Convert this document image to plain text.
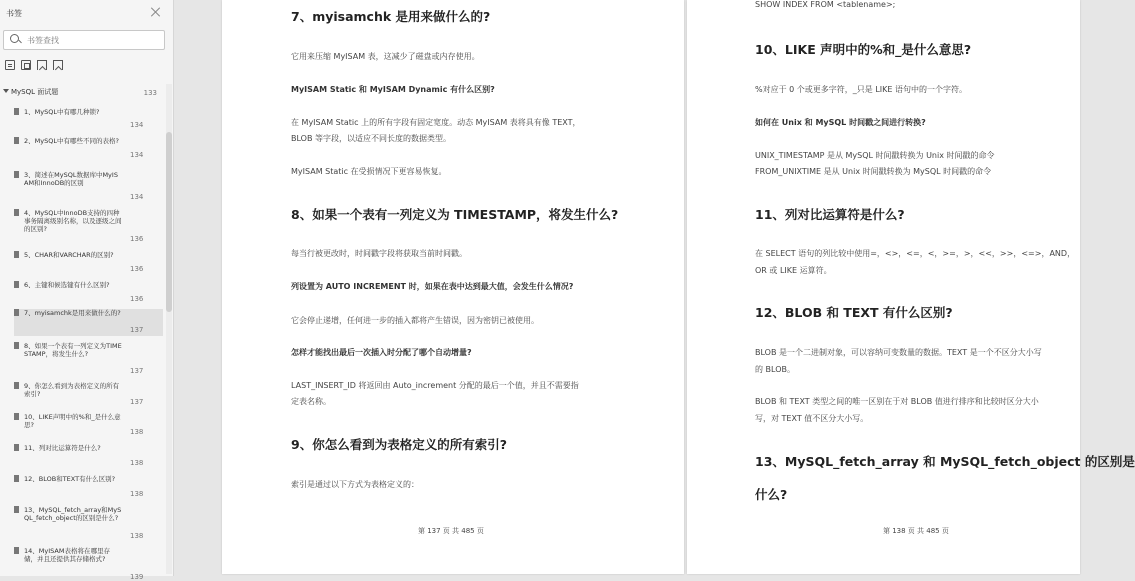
书签
书签查找
MySQL 面试题	133
1、MySQL中有哪几种锁?
134
2、MySQL中有哪些不同的表格?
134
3、简述在MySQL数据库中MyISAM和InnoDB的区别
134
4、MySQL中InnoDB支持的四种事务隔离级别名称，以及逐级之间的区别?
136
5、CHAR和VARCHAR的区别?
136
6、主键和候选键有什么区别?
136
7、myisamchk是用来做什么的?
137
8、如果一个表有一列定义为TIMESTAMP，将发生什么?
137
9、你怎么看到为表格定义的所有索引?
137
10、LIKE声明中的%和_是什么意思?
138
11、列对比运算符是什么?
138
12、BLOB和TEXT有什么区别?
138
13、MySQL_fetch_array和MySQL_fetch_object的区别是什么?
138
14、MyISAM表格将在哪里存储，并且还提供其存储格式?
139
7、myisamchk 是用来做什么的?
它用来压缩 MyISAM 表，这减少了磁盘或内存使用。
MyISAM Static 和 MyISAM Dynamic 有什么区别?
在 MyISAM Static 上的所有字段有固定宽度。动态 MyISAM 表将具有像 TEXT，
BLOB 等字段，以适应不同长度的数据类型。
MyISAM Static 在受损情况下更容易恢复。
8、如果一个表有一列定义为 TIMESTAMP，将发生什么?
每当行被更改时，时间戳字段将获取当前时间戳。
列设置为 AUTO INCREMENT 时，如果在表中达到最大值，会发生什么情况?
它会停止递增，任何进一步的插入都将产生错误，因为密钥已被使用。
怎样才能找出最后一次插入时分配了哪个自动增量?
LAST_INSERT_ID 将返回由 Auto_increment 分配的最后一个值，并且不需要指
定表名称。
9、你怎么看到为表格定义的所有索引?
索引是通过以下方式为表格定义的：
第 137 页 共 485 页
SHOW INDEX FROM <tablename>;
10、LIKE 声明中的%和_是什么意思?
%对应于 0 个或更多字符，_只是 LIKE 语句中的一个字符。
如何在 Unix 和 MySQL 时间戳之间进行转换?
UNIX_TIMESTAMP 是从 MySQL 时间戳转换为 Unix 时间戳的命令
FROM_UNIXTIME 是从 Unix 时间戳转换为 MySQL 时间戳的命令
11、列对比运算符是什么?
在 SELECT 语句的列比较中使用=，<>，<=，<，>=，>，<<，>>，<=>，AND，
OR 或 LIKE 运算符。
12、BLOB 和 TEXT 有什么区别?
BLOB 是一个二进制对象，可以容纳可变数量的数据。TEXT 是一个不区分大小写
的 BLOB。
BLOB 和 TEXT 类型之间的唯一区别在于对 BLOB 值进行排序和比较时区分大小
写，对 TEXT 值不区分大小写。
13、MySQL_fetch_array 和 MySQL_fetch_object 的区别是
什么?
第 138 页 共 485 页
